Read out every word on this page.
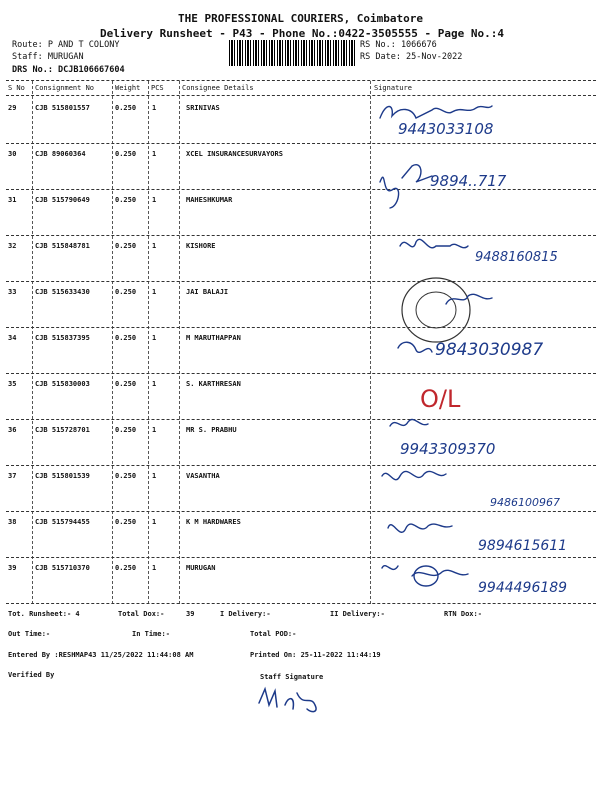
THE PROFESSIONAL COURIERS, Coimbatore
Delivery Runsheet - P43 - Phone No.:0422-3505555 - Page No.:4
Route: P AND T COLONY
Staff: MURUGAN
DRS No.: DCJB106667604
RS No.: 1066676
RS Date: 25-Nov-2022
S No Consignment No	Weight PCS	Consignee Details	Signature
29	CJB 515801557	0.250 1	SRINIVAS
9443033108
30	CJB 89060364	0.250 1	XCEL INSURANCESURVAYORS
9894..717
31	CJB 515790649	0.250 1	MAHESHKUMAR
32	CJB 515848781	0.250 1	KISHORE
9488160815
33	CJB 515633430	0.250 1	JAI BALAJI
34	CJB 515837395	0.250 1	M MARUTHAPPAN
9843030987
35	CJB 515830003	0.250 1	S. KARTHRESAN
O/L
36	CJB 515728701	0.250 1	MR S. PRABHU
9943309370
37	CJB 515801539	0.250 1	VASANTHA
9486100967
38	CJB 515794455	0.250 1	K M HARDWARES
9894615611
39	CJB 515710370	0.250 1	MURUGAN
9944496189
Tot. Runsheet:- 4	Total Dox:-	39	I Delivery:-	II Delivery:-	RTN Dox:-
Out Time:-	In Time:-	Total POD:-
Entered By :RESHMAP43 11/25/2022 11:44:08 AM	Printed On: 25-11-2022 11:44:19
Verified By	Staff Signature
